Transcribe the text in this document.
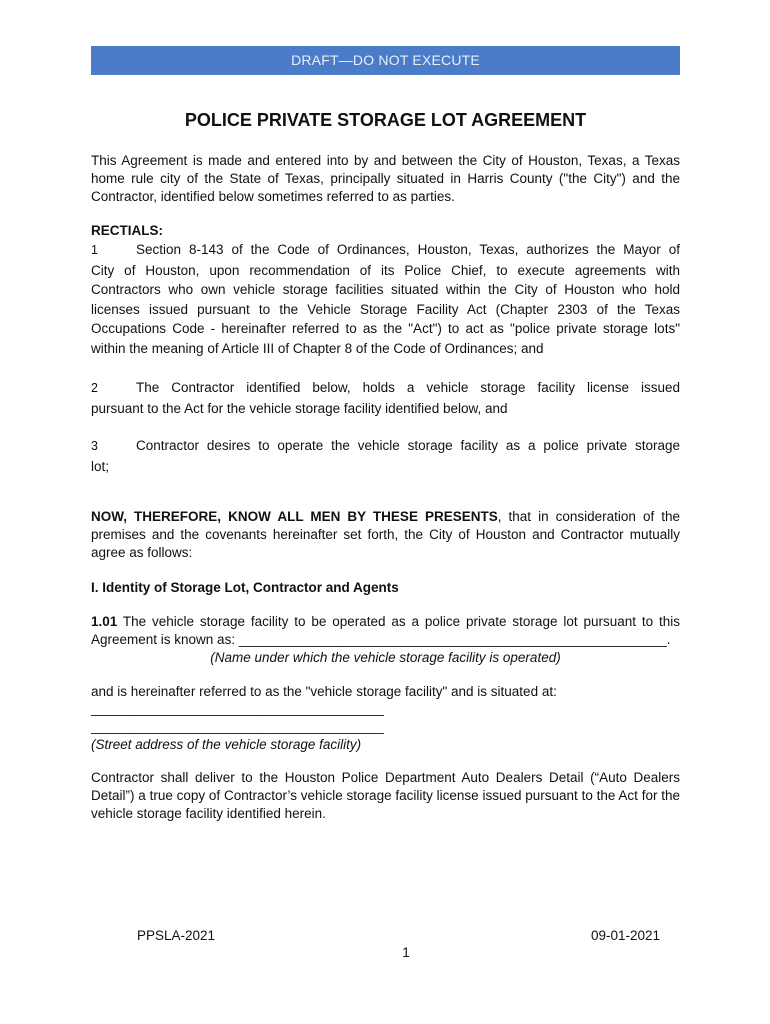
DRAFT—DO NOT EXECUTE
POLICE PRIVATE STORAGE LOT AGREEMENT

This Agreement is made and entered into by and between the City of Houston, Texas, a Texas home rule city of the State of Texas, principally situated in Harris County ("the City") and the Contractor, identified below sometimes referred to as parties.

RECTIALS:

1	Section 8-143 of the Code of Ordinances, Houston, Texas, authorizes the Mayor of

City of Houston, upon recommendation of its Police Chief, to execute agreements with

Contractors who own vehicle storage facilities situated within the City of Houston who hold

licenses issued pursuant to the Vehicle Storage Facility Act (Chapter 2303 of the Texas

Occupations Code - hereinafter referred to as the "Act") to act as "police private storage lots"

within the meaning of Article III of Chapter 8 of the Code of Ordinances; and

2	The Contractor identified below, holds a vehicle storage facility license issued

pursuant to the Act for the vehicle storage facility identified below, and

3	Contractor desires to operate the vehicle storage facility as a police private storage

lot;

NOW, THEREFORE, KNOW ALL MEN BY THESE PRESENTS, that in consideration of the premises and the covenants hereinafter set forth, the City of Houston and Contractor mutually agree as follows:

I. Identity of Storage Lot, Contractor and Agents

1.01 The vehicle storage facility to be operated as a police private storage lot pursuant to this

Agreement is known as: _________________________________________________________.

(Name under which the vehicle storage facility is operated)

and is hereinafter referred to as the "vehicle storage facility" and is situated at:
_______________________________________
_______________________________________
(Street address of the vehicle storage facility)

Contractor shall deliver to the Houston Police Department Auto Dealers Detail (“Auto Dealers Detail”) a true copy of Contractor’s vehicle storage facility license issued pursuant to the Act for the vehicle storage facility identified herein.

PPSLA-2021	09-01-2021
1
